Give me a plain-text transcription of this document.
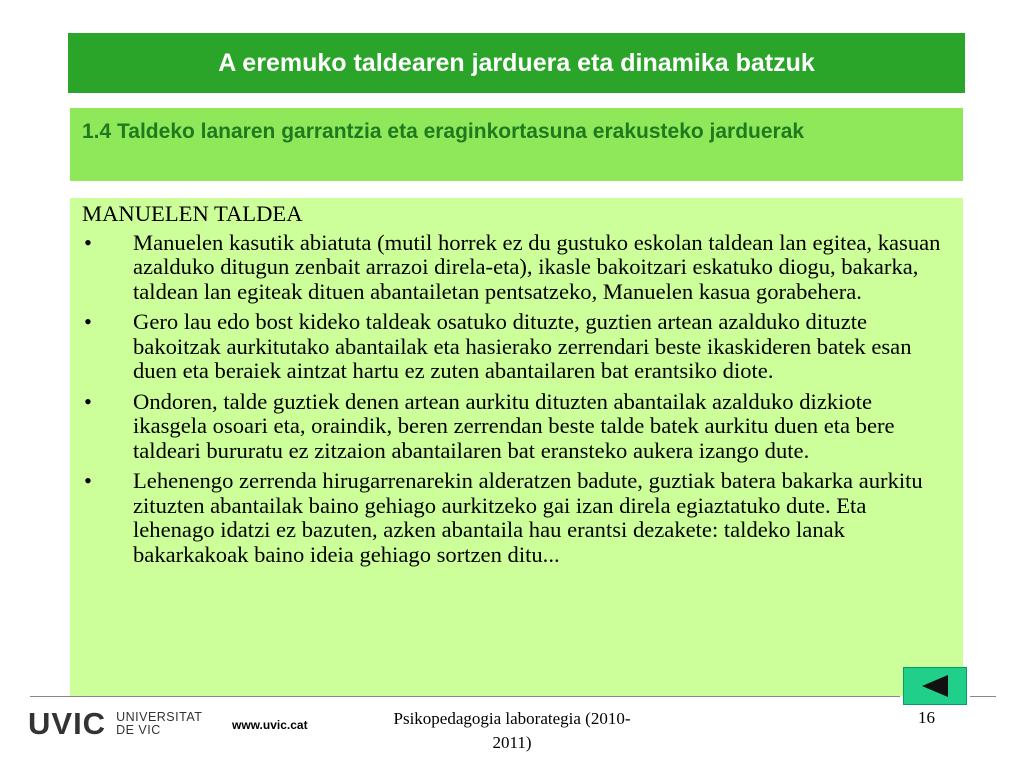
A eremuko taldearen jarduera eta dinamika batzuk
1.4 Taldeko lanaren garrantzia eta eraginkortasuna erakusteko jarduerak
MANUELEN TALDEA
• Manuelen kasutik abiatuta (mutil horrek ez du gustuko eskolan taldean lan egitea, kasuan azalduko ditugun zenbait arrazoi direla-eta), ikasle bakoitzari eskatuko diogu, bakarka, taldean lan egiteak dituen abantailetan pentsatzeko, Manuelen kasua gorabehera.
• Gero lau edo bost kideko taldeak osatuko dituzte, guztien artean azalduko dituzte bakoitzak aurkitutako abantailak eta hasierako zerrendari beste ikaskideren batek esan duen eta beraiek aintzat hartu ez zuten abantailaren bat erantsiko diote.
• Ondoren, talde guztiek denen artean aurkitu dituzten abantailak azalduko dizkiote ikasgela osoari eta, oraindik, beren zerrendan beste talde batek aurkitu duen eta bere taldeari bururatu ez zitzaion abantailaren bat eransteko aukera izango dute.
• Lehenengo zerrenda hirugarrenarekin alderatzen badute, guztiak batera bakarka aurkitu zituzten abantailak baino gehiago aurkitzeko gai izan direla egiaztatuko dute. Eta lehenago idatzi ez bazuten, azken abantaila hau erantsi dezakete: taldeko lanak bakarkakoak baino ideia gehiago sortzen ditu...
UVIC UNIVERSITAT
DE VIC	www.uvic.cat	Psikopedagogia laborategia (2010-
2011)
16
